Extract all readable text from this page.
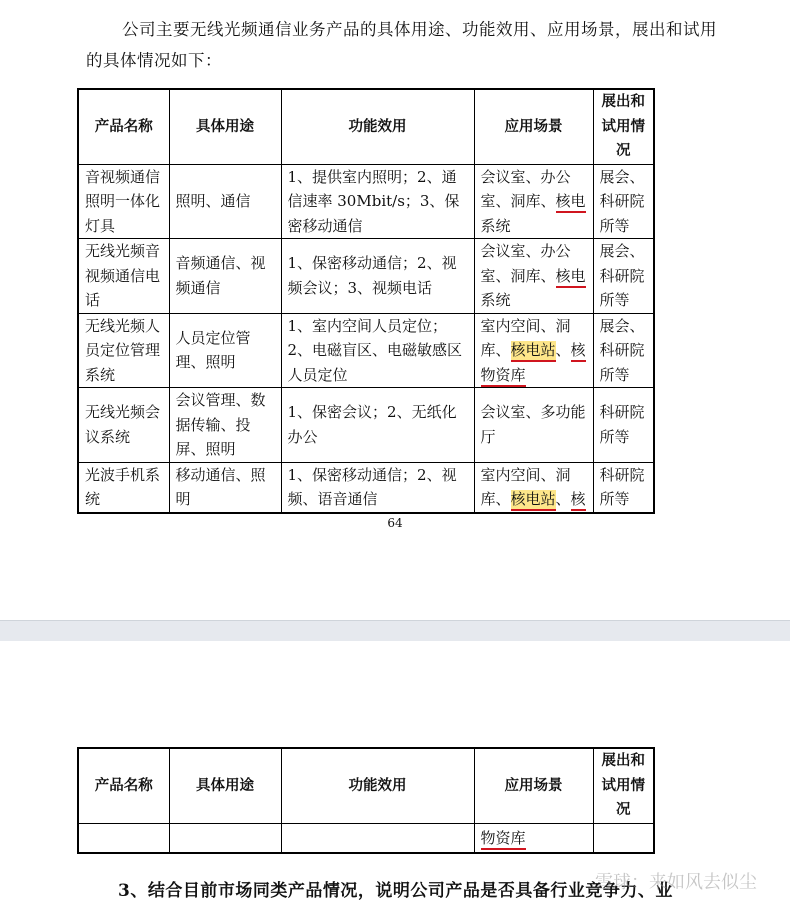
公司主要无线光频通信业务产品的具体用途、功能效用、应用场景，展出和试用的具体情况如下：

产品名称	具体用途	功能效用	应用场景	展出和试用情况
音视频通信照明一体化灯具	照明、通信	1、提供室内照明；2、通信速率 30Mbit/s；3、保密移动通信	会议室、办公室、洞库、核电系统	展会、科研院所等
无线光频音视频通信电话	音频通信、视频通信	1、保密移动通信；2、视频会议；3、视频电话	会议室、办公室、洞库、核电系统	展会、科研院所等
无线光频人员定位管理系统	人员定位管理、照明	1、室内空间人员定位；2、电磁盲区、电磁敏感区人员定位	室内空间、洞库、核电站、核物资库	展会、科研院所等
无线光频会议系统	会议管理、数据传输、投屏、照明	1、保密会议；2、无纸化办公	会议室、多功能厅	科研院所等
光波手机系统	移动通信、照明	1、保密移动通信；2、视频、语音通信	室内空间、洞库、核电站、核	科研院所等
64
产品名称	具体用途	功能效用	应用场景	展出和试用情况
			物资库	
3、结合目前市场同类产品情况，说明公司产品是否具备行业竞争力、业
雪球：来如风去似尘
